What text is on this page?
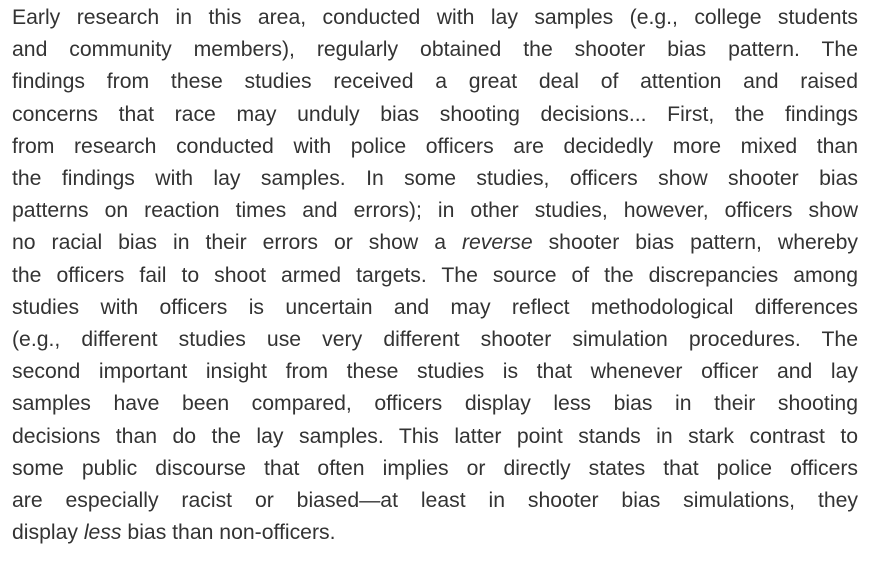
Early research in this area, conducted with lay samples (e.g., college students
and community members), regularly obtained the shooter bias pattern. The
findings from these studies received a great deal of attention and raised
concerns that race may unduly bias shooting decisions... First, the findings
from research conducted with police officers are decidedly more mixed than
the findings with lay samples. In some studies, officers show shooter bias
patterns on reaction times and errors); in other studies, however, officers show
no racial bias in their errors or show a reverse shooter bias pattern, whereby
the officers fail to shoot armed targets. The source of the discrepancies among
studies with officers is uncertain and may reflect methodological differences
(e.g., different studies use very different shooter simulation procedures. The
second important insight from these studies is that whenever officer and lay
samples have been compared, officers display less bias in their shooting
decisions than do the lay samples. This latter point stands in stark contrast to
some public discourse that often implies or directly states that police officers
are especially racist or biased—at least in shooter bias simulations, they
display less bias than non-officers.
